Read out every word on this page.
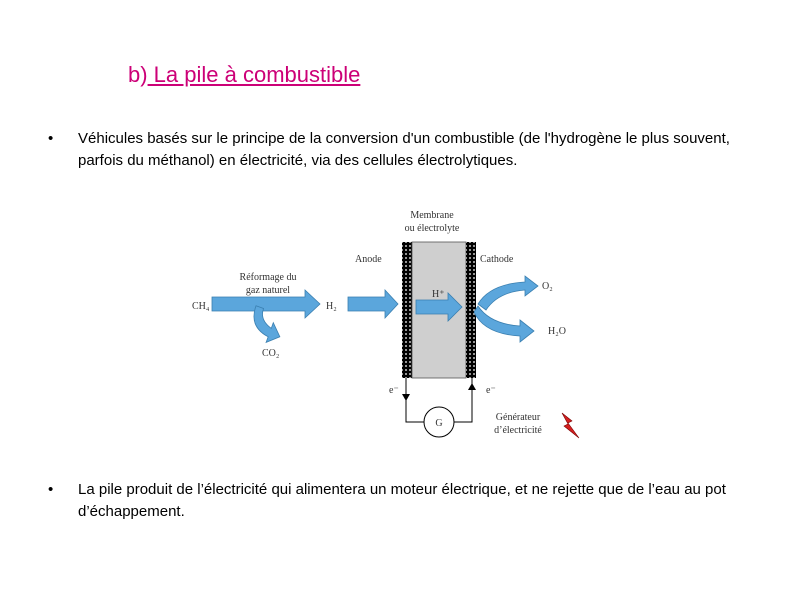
b) La pile à combustible
• Véhicules basés sur le principe de la conversion d'un combustible (de l'hydrogène le plus souvent, parfois du méthanol) en électricité, via des cellules électrolytiques.
Membrane
ou électrolyte
Anode	Cathode
Réformage du
gaz naturel
CH₄
CO₂
H₂
H⁺
O₂
H₂O
e⁻	e⁻
G
Générateur
d’électricité
• La pile produit de l’électricité qui alimentera un moteur électrique, et ne rejette que de l’eau au pot d’échappement.
